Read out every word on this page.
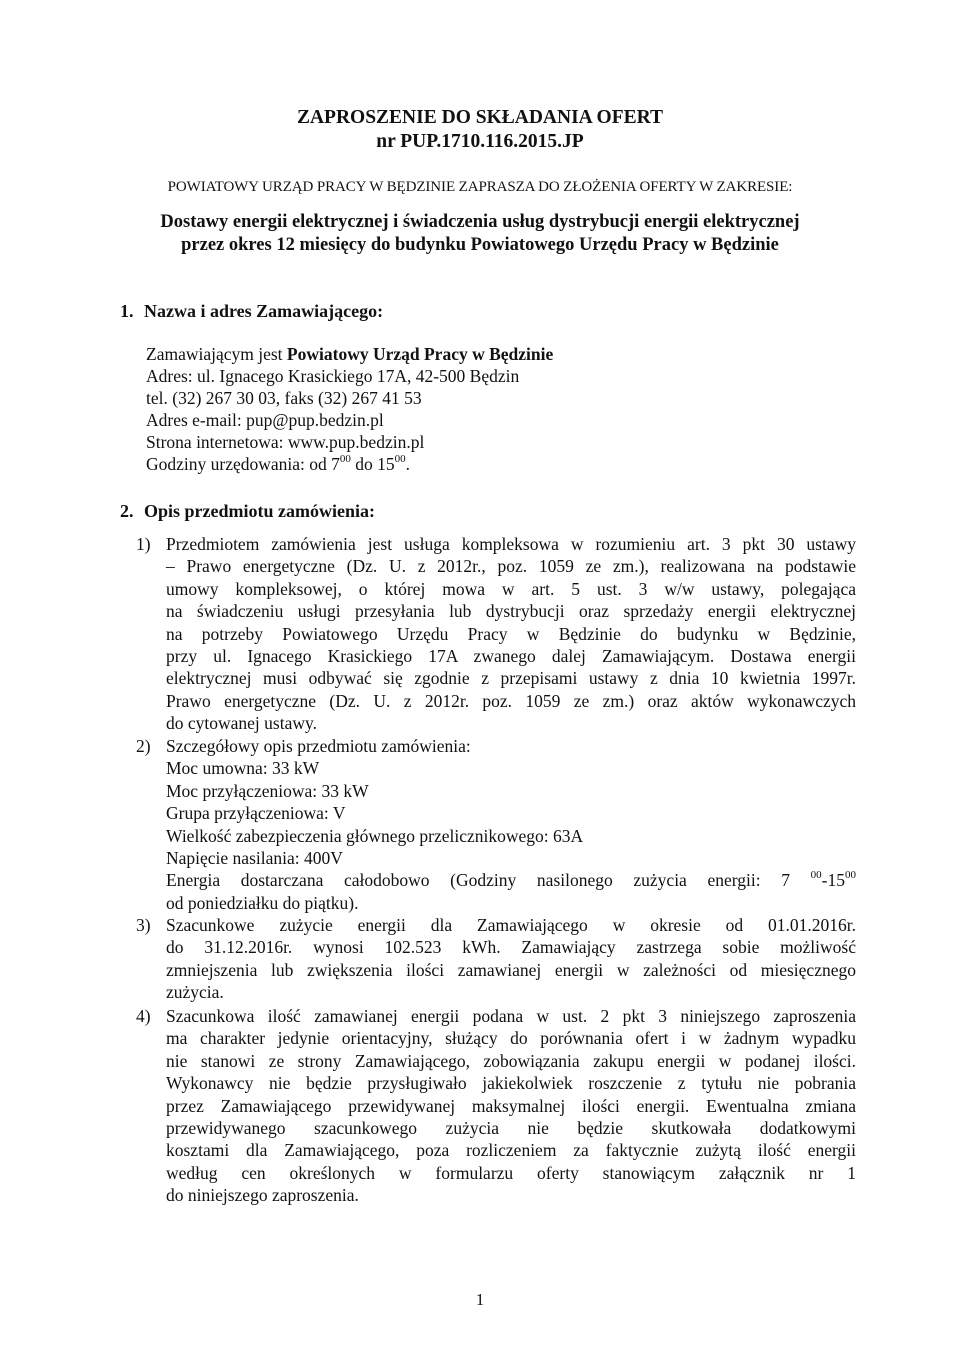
ZAPROSZENIE DO SKŁADANIA OFERT
nr PUP.1710.116.2015.JP
POWIATOWY URZĄD PRACY W BĘDZINIE ZAPRASZA DO ZŁOŻENIA OFERTY W ZAKRESIE:
Dostawy energii elektrycznej i świadczenia usług dystrybucji energii elektrycznej
przez okres 12 miesięcy do budynku Powiatowego Urzędu Pracy w Będzinie
1. Nazwa i adres Zamawiającego:
Zamawiającym jest Powiatowy Urząd Pracy w Będzinie
Adres: ul. Ignacego Krasickiego 17A, 42-500 Będzin
tel. (32) 267 30 03, faks (32) 267 41 53
Adres e-mail: pup@pup.bedzin.pl
Strona internetowa: www.pup.bedzin.pl
Godziny urzędowania: od $7^{00}$ do $15^{00}$.
2. Opis przedmiotu zamówienia:
1) Przedmiotem zamówienia jest usługa kompleksowa w rozumieniu art. 3 pkt 30 ustawy
– Prawo energetyczne (Dz. U. z 2012r., poz. 1059 ze zm.), realizowana na podstawie
umowy kompleksowej, o której mowa w art. 5 ust. 3 w/w ustawy, polegająca
na świadczeniu usługi przesyłania lub dystrybucji oraz sprzedaży energii elektrycznej
na potrzeby Powiatowego Urzędu Pracy w Będzinie do budynku w Będzinie,
przy ul. Ignacego Krasickiego 17A zwanego dalej Zamawiającym. Dostawa energii
elektrycznej musi odbywać się zgodnie z przepisami ustawy z dnia 10 kwietnia 1997r.
Prawo energetyczne (Dz. U. z 2012r. poz. 1059 ze zm.) oraz aktów wykonawczych
do cytowanej ustawy.
2) Szczegółowy opis przedmiotu zamówienia:
Moc umowna: 33 kW
Moc przyłączeniowa: 33 kW
Grupa przyłączeniowa: V
Wielkość zabezpieczenia głównego przelicznikowego: 63A
Napięcie nasilania: 400V
Energia dostarczana całodobowo (Godziny nasilonego zużycia energii: 7 $^{00}-15^{00}$
od poniedziałku do piątku).
3) Szacunkowe zużycie energii dla Zamawiającego w okresie od 01.01.2016r.
do 31.12.2016r. wynosi 102.523 kWh. Zamawiający zastrzega sobie możliwość
zmniejszenia lub zwiększenia ilości zamawianej energii w zależności od miesięcznego
zużycia.
4) Szacunkowa ilość zamawianej energii podana w ust. 2 pkt 3 niniejszego zaproszenia
ma charakter jedynie orientacyjny, służący do porównania ofert i w żadnym wypadku
nie stanowi ze strony Zamawiającego, zobowiązania zakupu energii w podanej ilości.
Wykonawcy nie będzie przysługiwało jakiekolwiek roszczenie z tytułu nie pobrania
przez Zamawiającego przewidywanej maksymalnej ilości energii. Ewentualna zmiana
przewidywanego szacunkowego zużycia nie będzie skutkowała dodatkowymi
kosztami dla Zamawiającego, poza rozliczeniem za faktycznie zużytą ilość energii
według cen określonych w formularzu oferty stanowiącym załącznik nr 1
do niniejszego zaproszenia.
1
